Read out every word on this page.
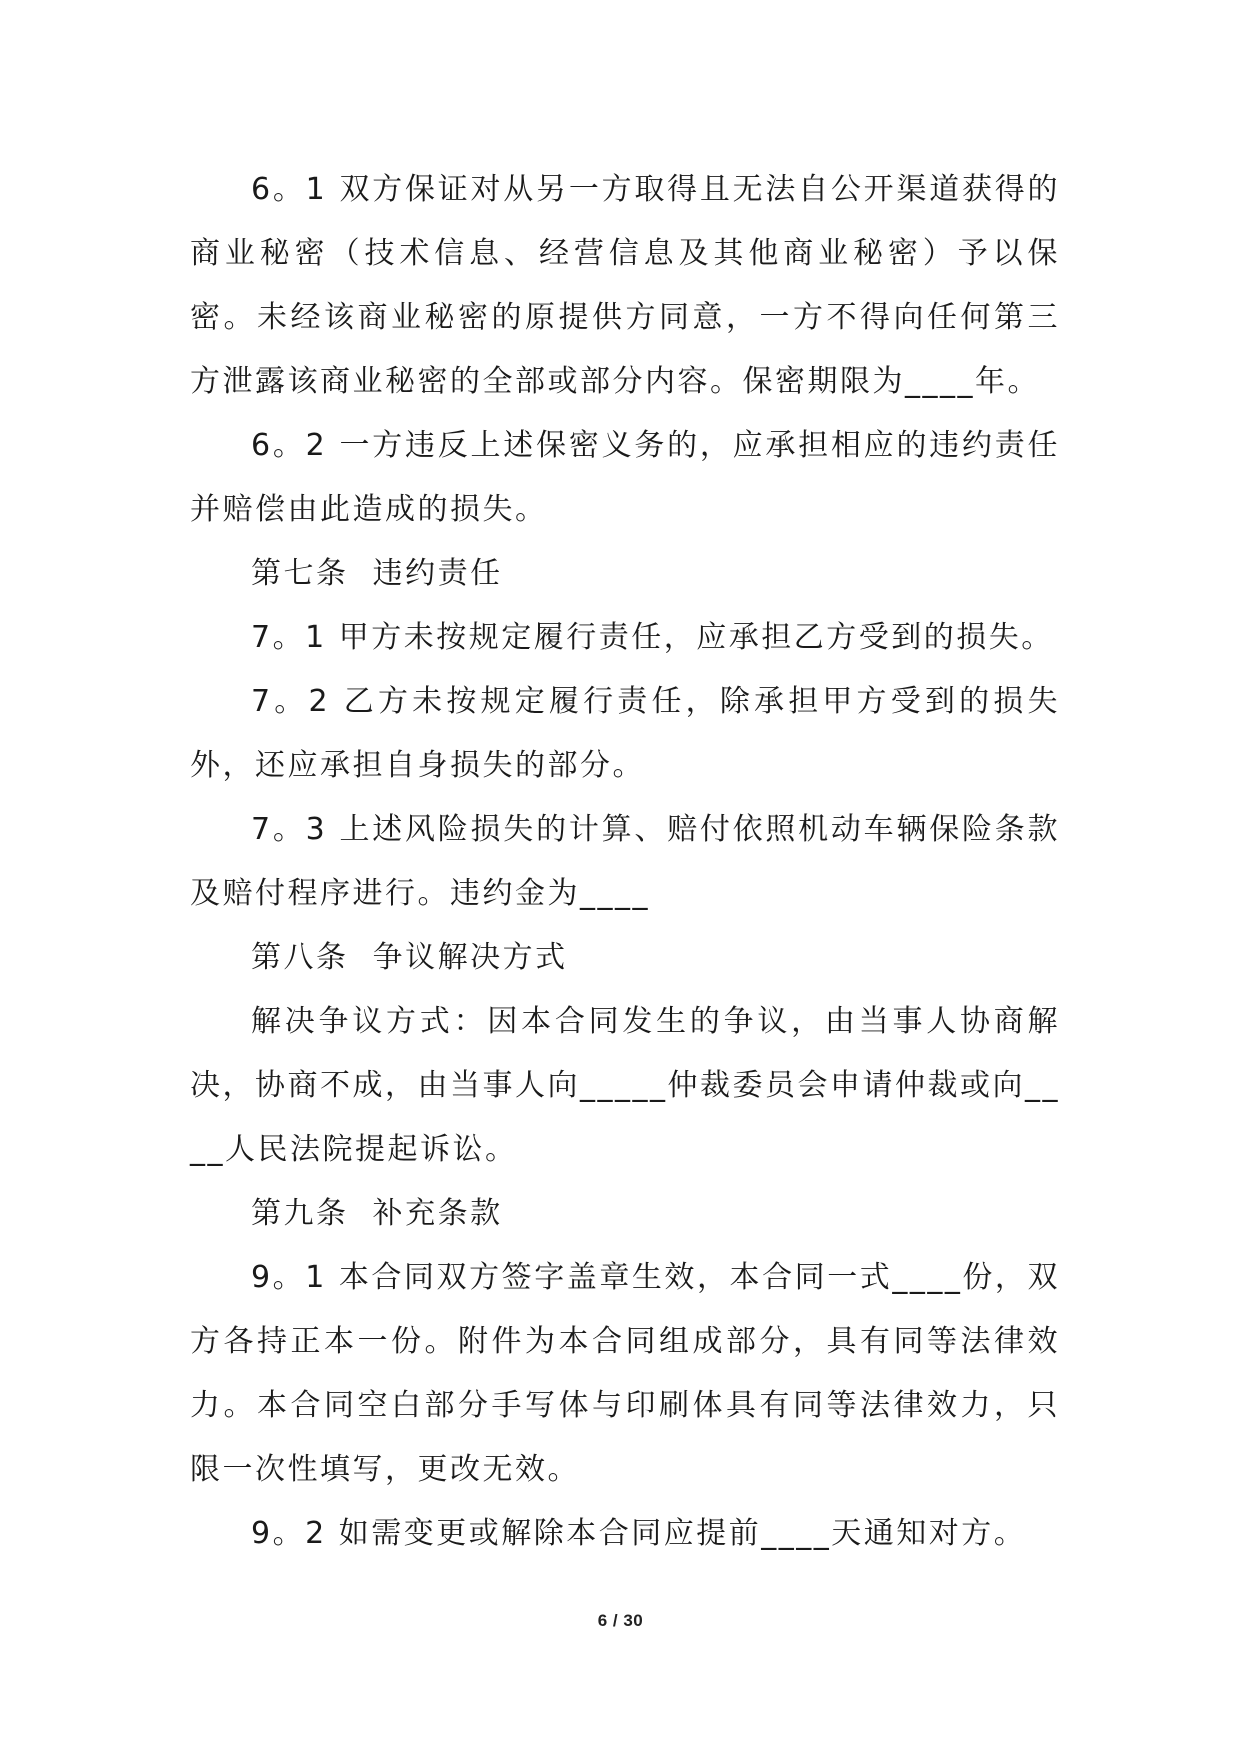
6。1 双方保证对从另一方取得且无法自公开渠道获得的商业秘密（技术信息、经营信息及其他商业秘密）予以保密。未经该商业秘密的原提供方同意，一方不得向任何第三方泄露该商业秘密的全部或部分内容。保密期限为____年。

6。2 一方违反上述保密义务的，应承担相应的违约责任并赔偿由此造成的损失。

第七条  违约责任

7。1 甲方未按规定履行责任，应承担乙方受到的损失。

7。2 乙方未按规定履行责任，除承担甲方受到的损失外，还应承担自身损失的部分。

7。3 上述风险损失的计算、赔付依照机动车辆保险条款及赔付程序进行。违约金为____

第八条  争议解决方式

解决争议方式：因本合同发生的争议，由当事人协商解决，协商不成，由当事人向_____仲裁委员会申请仲裁或向____人民法院提起诉讼。

第九条  补充条款

9。1 本合同双方签字盖章生效，本合同一式____份，双方各持正本一份。附件为本合同组成部分，具有同等法律效力。本合同空白部分手写体与印刷体具有同等法律效力，只限一次性填写，更改无效。

9。2 如需变更或解除本合同应提前____天通知对方。

6 / 30
